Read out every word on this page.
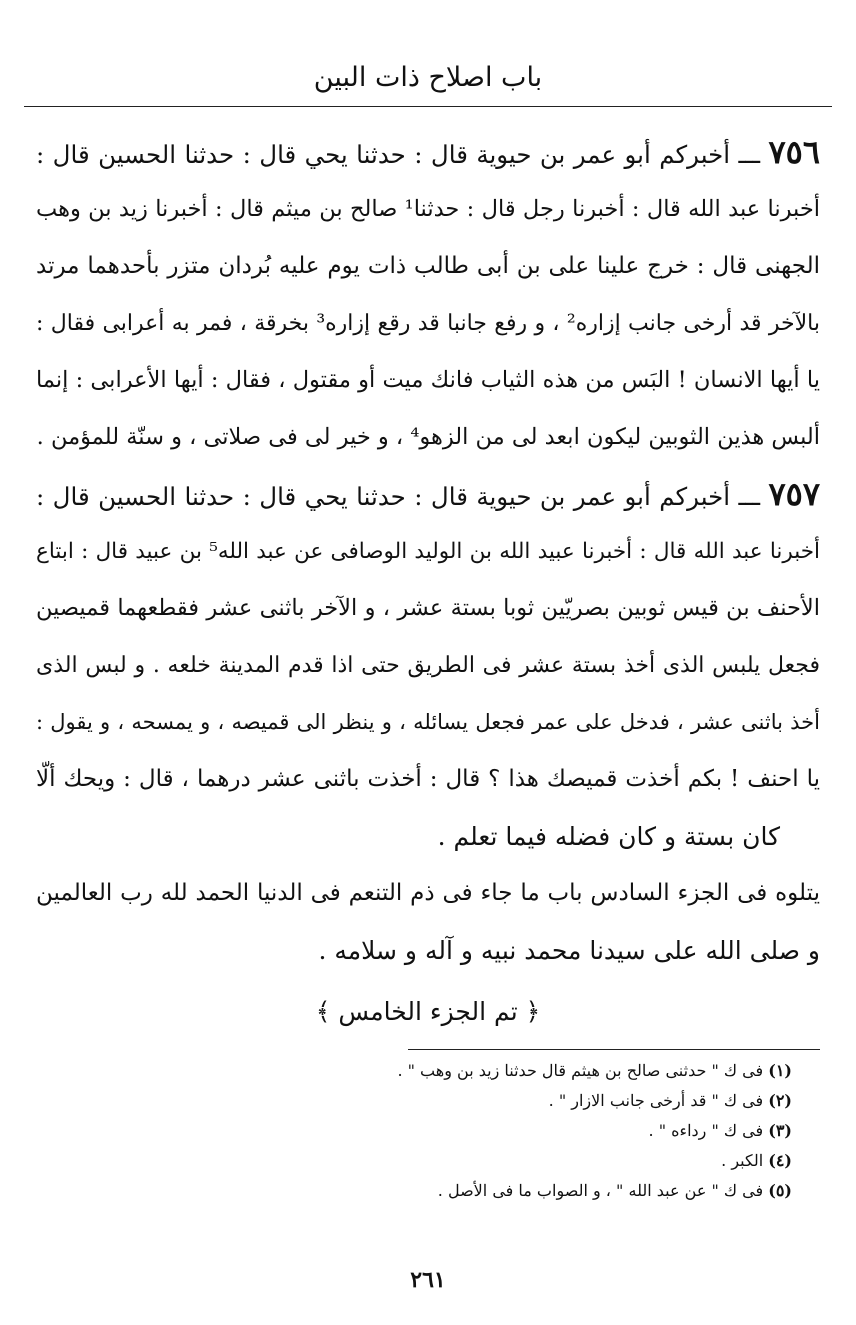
باب اصلاح ذات البين
٧٥٦ ـــ أخبركم أبو عمر بن حيوية قال : حدثنا يحي قال : حدثنا الحسين قال :
أخبرنا عبد الله قال : أخبرنا رجل قال : حدثنا¹ صالح بن ميثم قال : أخبرنا زيد بن وهب
الجهنى قال : خرج علينا على بن أبى طالب ذات يوم عليه بُردان متزر بأحدهما مرتد
بالآخر قد أرخى جانب إزاره² ، و رفع جانبا قد رقع إزاره³ بخرقة ، فمر به أعرابى فقال :
يا أيها الانسان ! البَس من هذه الثياب فانك ميت أو مقتول ، فقال : أيها الأعرابى : إنما
ألبس هذين الثوبين ليكون ابعد لى من الزهو⁴ ، و خير لى فى صلاتى ، و سنّة للمؤمن .
٧٥٧ ـــ أخبركم أبو عمر بن حيوية قال : حدثنا يحي قال : حدثنا الحسين قال :
أخبرنا عبد الله قال : أخبرنا عبيد الله بن الوليد الوصافى عن عبد الله⁵ بن عبيد قال : ابتاع
الأحنف بن قيس ثوبين بصريّين ثوبا بستة عشر ، و الآخر باثنى عشر فقطعهما قميصين
فجعل يلبس الذى أخذ بستة عشر فى الطريق حتى اذا قدم المدينة خلعه . و لبس الذى
أخذ باثنى عشر ، فدخل على عمر فجعل يسائله ، و ينظر الى قميصه ، و يمسحه ، و يقول :
يا احنف ! بكم أخذت قميصك هذا ؟ قال : أخذت باثنى عشر درهما ، قال : ويحك ألّا
كان بستة و كان فضله فيما تعلم .
يتلوه فى الجزء السادس باب ما جاء فى ذم التنعم فى الدنيا الحمد لله رب العالمين
و صلى الله على سيدنا محمد نبيه و آله و سلامه .
﴿ تم الجزء الخامس ﴾
(١) فى ك " حدثنى صالح بن هيثم قال حدثنا زيد بن وهب " .
(٢) فى ك " قد أرخى جانب الازار " .
(٣) فى ك " رداءه " .
(٤) الكبر .
(٥) فى ك " عن عبد الله " ، و الصواب ما فى الأصل .
٢٦١
